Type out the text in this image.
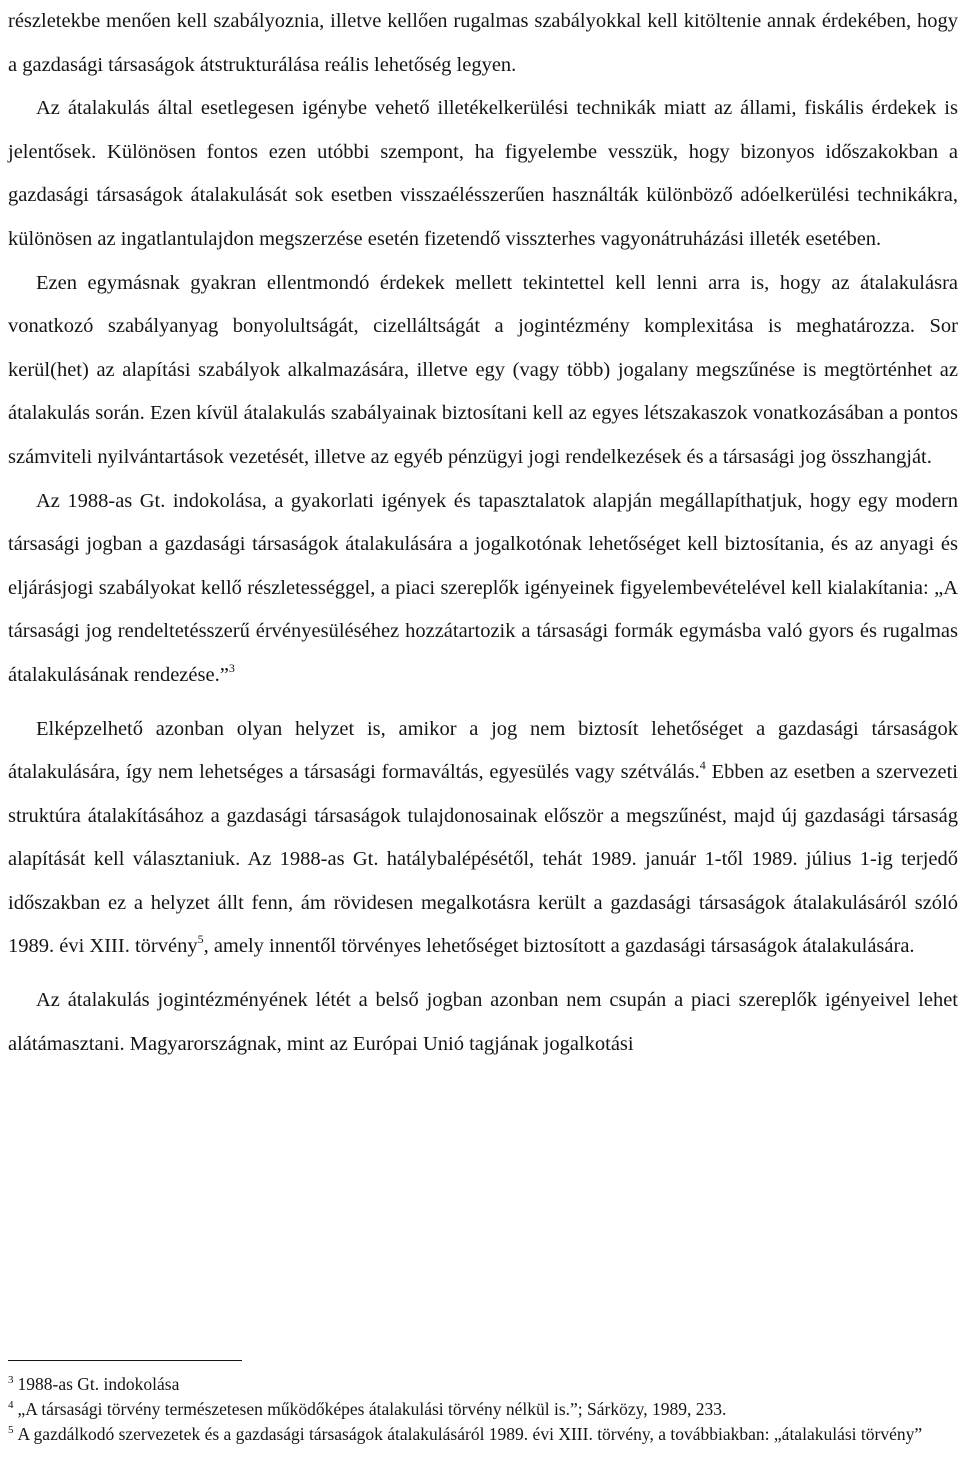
részletekbe menően kell szabályoznia, illetve kellően rugalmas szabályokkal kell kitöltenie annak érdekében, hogy a gazdasági társaságok átstrukturálása reális lehetőség legyen.

Az átalakulás által esetlegesen igénybe vehető illetékelkerülési technikák miatt az állami, fiskális érdekek is jelentősek. Különösen fontos ezen utóbbi szempont, ha figyelembe vesszük, hogy bizonyos időszakokban a gazdasági társaságok átalakulását sok esetben visszaélésszerűen használták különböző adóelkerülési technikákra, különösen az ingatlantulajdon megszerzése esetén fizetendő visszterhes vagyonátruházási illeték esetében.

Ezen egymásnak gyakran ellentmondó érdekek mellett tekintettel kell lenni arra is, hogy az átalakulásra vonatkozó szabályanyag bonyolultságát, cizelláltságát a jogintézmény komplexitása is meghatározza. Sor kerül(het) az alapítási szabályok alkalmazására, illetve egy (vagy több) jogalany megszűnése is megtörténhet az átalakulás során. Ezen kívül átalakulás szabályainak biztosítani kell az egyes létszakaszok vonatkozásában a pontos számviteli nyilvántartások vezetését, illetve az egyéb pénzügyi jogi rendelkezések és a társasági jog összhangját.

Az 1988-as Gt. indokolása, a gyakorlati igények és tapasztalatok alapján megállapíthatjuk, hogy egy modern társasági jogban a gazdasági társaságok átalakulására a jogalkotónak lehetőséget kell biztosítania, és az anyagi és eljárásjogi szabályokat kellő részletességgel, a piaci szereplők igényeinek figyelembevételével kell kialakítania: „A társasági jog rendeltetésszerű érvényesüléséhez hozzátartozik a társasági formák egymásba való gyors és rugalmas átalakulásának rendezése.”$^3$

Elképzelhető azonban olyan helyzet is, amikor a jog nem biztosít lehetőséget a gazdasági társaságok átalakulására, így nem lehetséges a társasági formaváltás, egyesülés vagy szétválás.$^4$ Ebben az esetben a szervezeti struktúra átalakításához a gazdasági társaságok tulajdonosainak először a megszűnést, majd új gazdasági társaság alapítását kell választaniuk. Az 1988-as Gt. hatálybalépésétől, tehát 1989. január 1-től 1989. július 1-ig terjedő időszakban ez a helyzet állt fenn, ám rövidesen megalkotásra került a gazdasági társaságok átalakulásáról szóló 1989. évi XIII. törvény$^5$, amely innentől törvényes lehetőséget biztosított a gazdasági társaságok átalakulására.

Az átalakulás jogintézményének létét a belső jogban azonban nem csupán a piaci szereplők igényeivel lehet alátámasztani. Magyarországnak, mint az Európai Unió tagjának jogalkotási

$^3$ 1988-as Gt. indokolása

$^4$ „A társasági törvény természetesen működőképes átalakulási törvény nélkül is.”; Sárközy, 1989, 233.

$^5$ A gazdálkodó szervezetek és a gazdasági társaságok átalakulásáról 1989. évi XIII. törvény, a továbbiakban: „átalakulási törvény”
